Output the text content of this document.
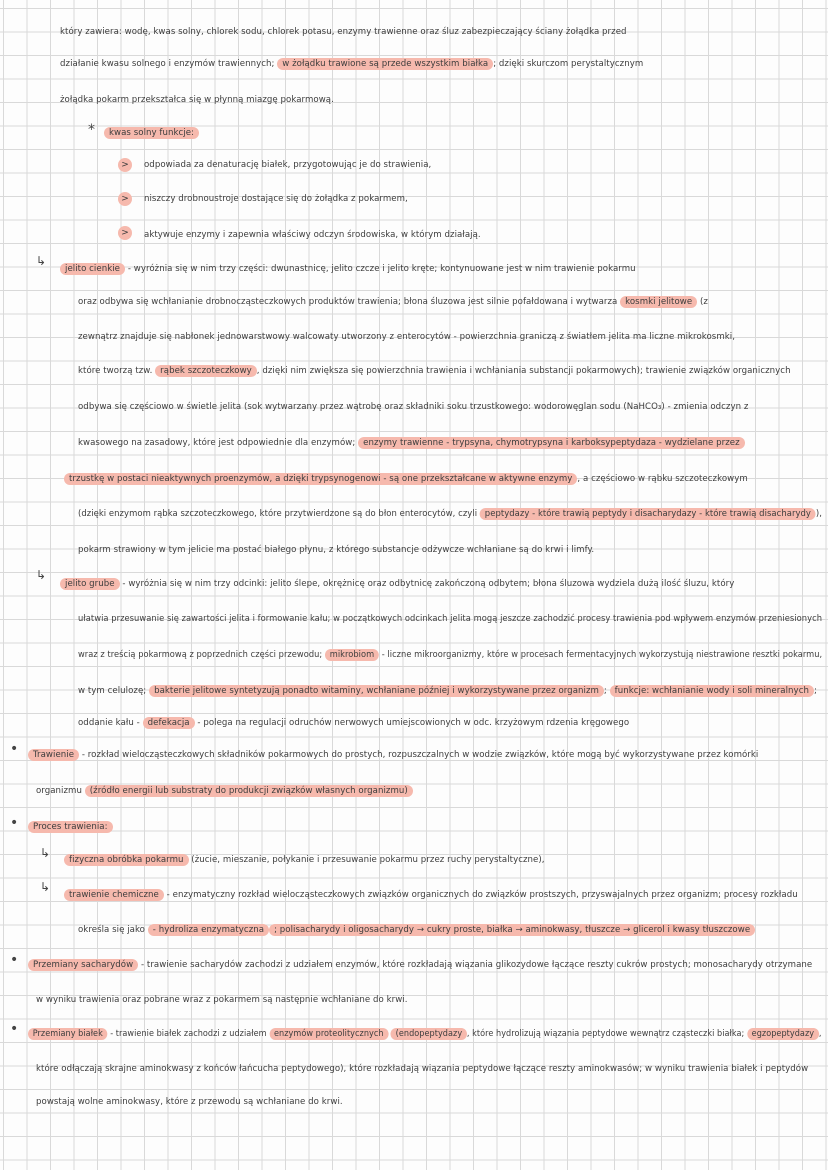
który zawiera: wodę, kwas solny, chlorek sodu, chlorek potasu, enzymy trawienne oraz śluz zabezpieczający ściany żołądka przed
działanie kwasu solnego i enzymów trawiennych; w żołądku trawione są przede wszystkim białka ; dzięki skurczom perystaltycznym
żołądka pokarm przekształca się w płynną miazgę pokarmową.
*	kwas solny funkcje:
>	odpowiada za denaturację białek, przygotowując je do strawienia,
>	niszczy drobnoustroje dostające się do żołądka z pokarmem,
>	aktywuje enzymy i zapewnia właściwy odczyn środowiska, w którym działają.
↳
jelito cienkie - wyróżnia się w nim trzy części: dwunastnicę, jelito czcze i jelito kręte; kontynuowane jest w nim trawienie pokarmu
oraz odbywa się wchłanianie drobnocząsteczkowych produktów trawienia; błona śluzowa jest silnie pofałdowana i wytwarza kosmki jelitowe (z
zewnątrz znajduje się nabłonek jednowarstwowy walcowaty utworzony z enterocytów - powierzchnia graniczą z światłem jelita ma liczne mikrokosmki,
które tworzą tzw. rąbek szczoteczkowy , dzięki nim zwiększa się powierzchnia trawienia i wchłaniania substancji pokarmowych); trawienie związków organicznych
odbywa się częściowo w świetle jelita (sok wytwarzany przez wątrobę oraz składniki soku trzustkowego: wodorowęglan sodu (NaHCO₃) - zmienia odczyn z
kwasowego na zasadowy, które jest odpowiednie dla enzymów; enzymy trawienne - trypsyna, chymotrypsyna i karboksypeptydaza - wydzielane przez
trzustkę w postaci nieaktywnych proenzymów, a dzięki trypsynogenowi - są one przekształcane w aktywne enzymy , a częściowo w rąbku szczoteczkowym
(dzięki enzymom rąbka szczoteczkowego, które przytwierdzone są do błon enterocytów, czyli peptydazy - które trawią peptydy i disacharydazy - które trawią disacharydy ),
pokarm strawiony w tym jelicie ma postać białego płynu, z którego substancje odżywcze wchłaniane są do krwi i limfy.
↳
jelito grube - wyróżnia się w nim trzy odcinki: jelito ślepe, okrężnicę oraz odbytnicę zakończoną odbytem; błona śluzowa wydziela dużą ilość śluzu, który
ułatwia przesuwanie się zawartości jelita i formowanie kału; w początkowych odcinkach jelita mogą jeszcze zachodzić procesy trawienia pod wpływem enzymów przeniesionych
wraz z treścią pokarmową z poprzednich części przewodu; mikrobiom - liczne mikroorganizmy, które w procesach fermentacyjnych wykorzystują niestrawione resztki pokarmu,
w tym celulozę; bakterie jelitowe syntetyzują ponadto witaminy, wchłaniane później i wykorzystywane przez organizm ; funkcje: wchłanianie wody i soli mineralnych ;
oddanie kału - defekacja - polega na regulacji odruchów nerwowych umiejscowionych w odc. krzyżowym rdzenia kręgowego
•	Trawienie - rozkład wielocząsteczkowych składników pokarmowych do prostych, rozpuszczalnych w wodzie związków, które mogą być wykorzystywane przez komórki
organizmu (źródło energii lub substraty do produkcji związków własnych organizmu)
•	Proces trawienia:
↳	fizyczna obróbka pokarmu (żucie, mieszanie, połykanie i przesuwanie pokarmu przez ruchy perystaltyczne),
↳
trawienie chemiczne - enzymatyczny rozkład wielocząsteczkowych związków organicznych do związków prostszych, przyswajalnych przez organizm; procesy rozkładu
określa się jako - hydroliza enzymatyczna ; polisacharydy i oligosacharydy → cukry proste, białka → aminokwasy, tłuszcze → glicerol i kwasy tłuszczowe
•	Przemiany sacharydów - trawienie sacharydów zachodzi z udziałem enzymów, które rozkładają wiązania glikozydowe łączące reszty cukrów prostych; monosacharydy otrzymane
w wyniku trawienia oraz pobrane wraz z pokarmem są następnie wchłaniane do krwi.
•	Przemiany białek - trawienie białek zachodzi z udziałem enzymów proteolitycznych (endopeptydazy , które hydrolizują wiązania peptydowe wewnątrz cząsteczki białka; egzopeptydazy ,
które odłączają skrajne aminokwasy z końców łańcucha peptydowego), które rozkładają wiązania peptydowe łączące reszty aminokwasów; w wyniku trawienia białek i peptydów
powstają wolne aminokwasy, które z przewodu są wchłaniane do krwi.
